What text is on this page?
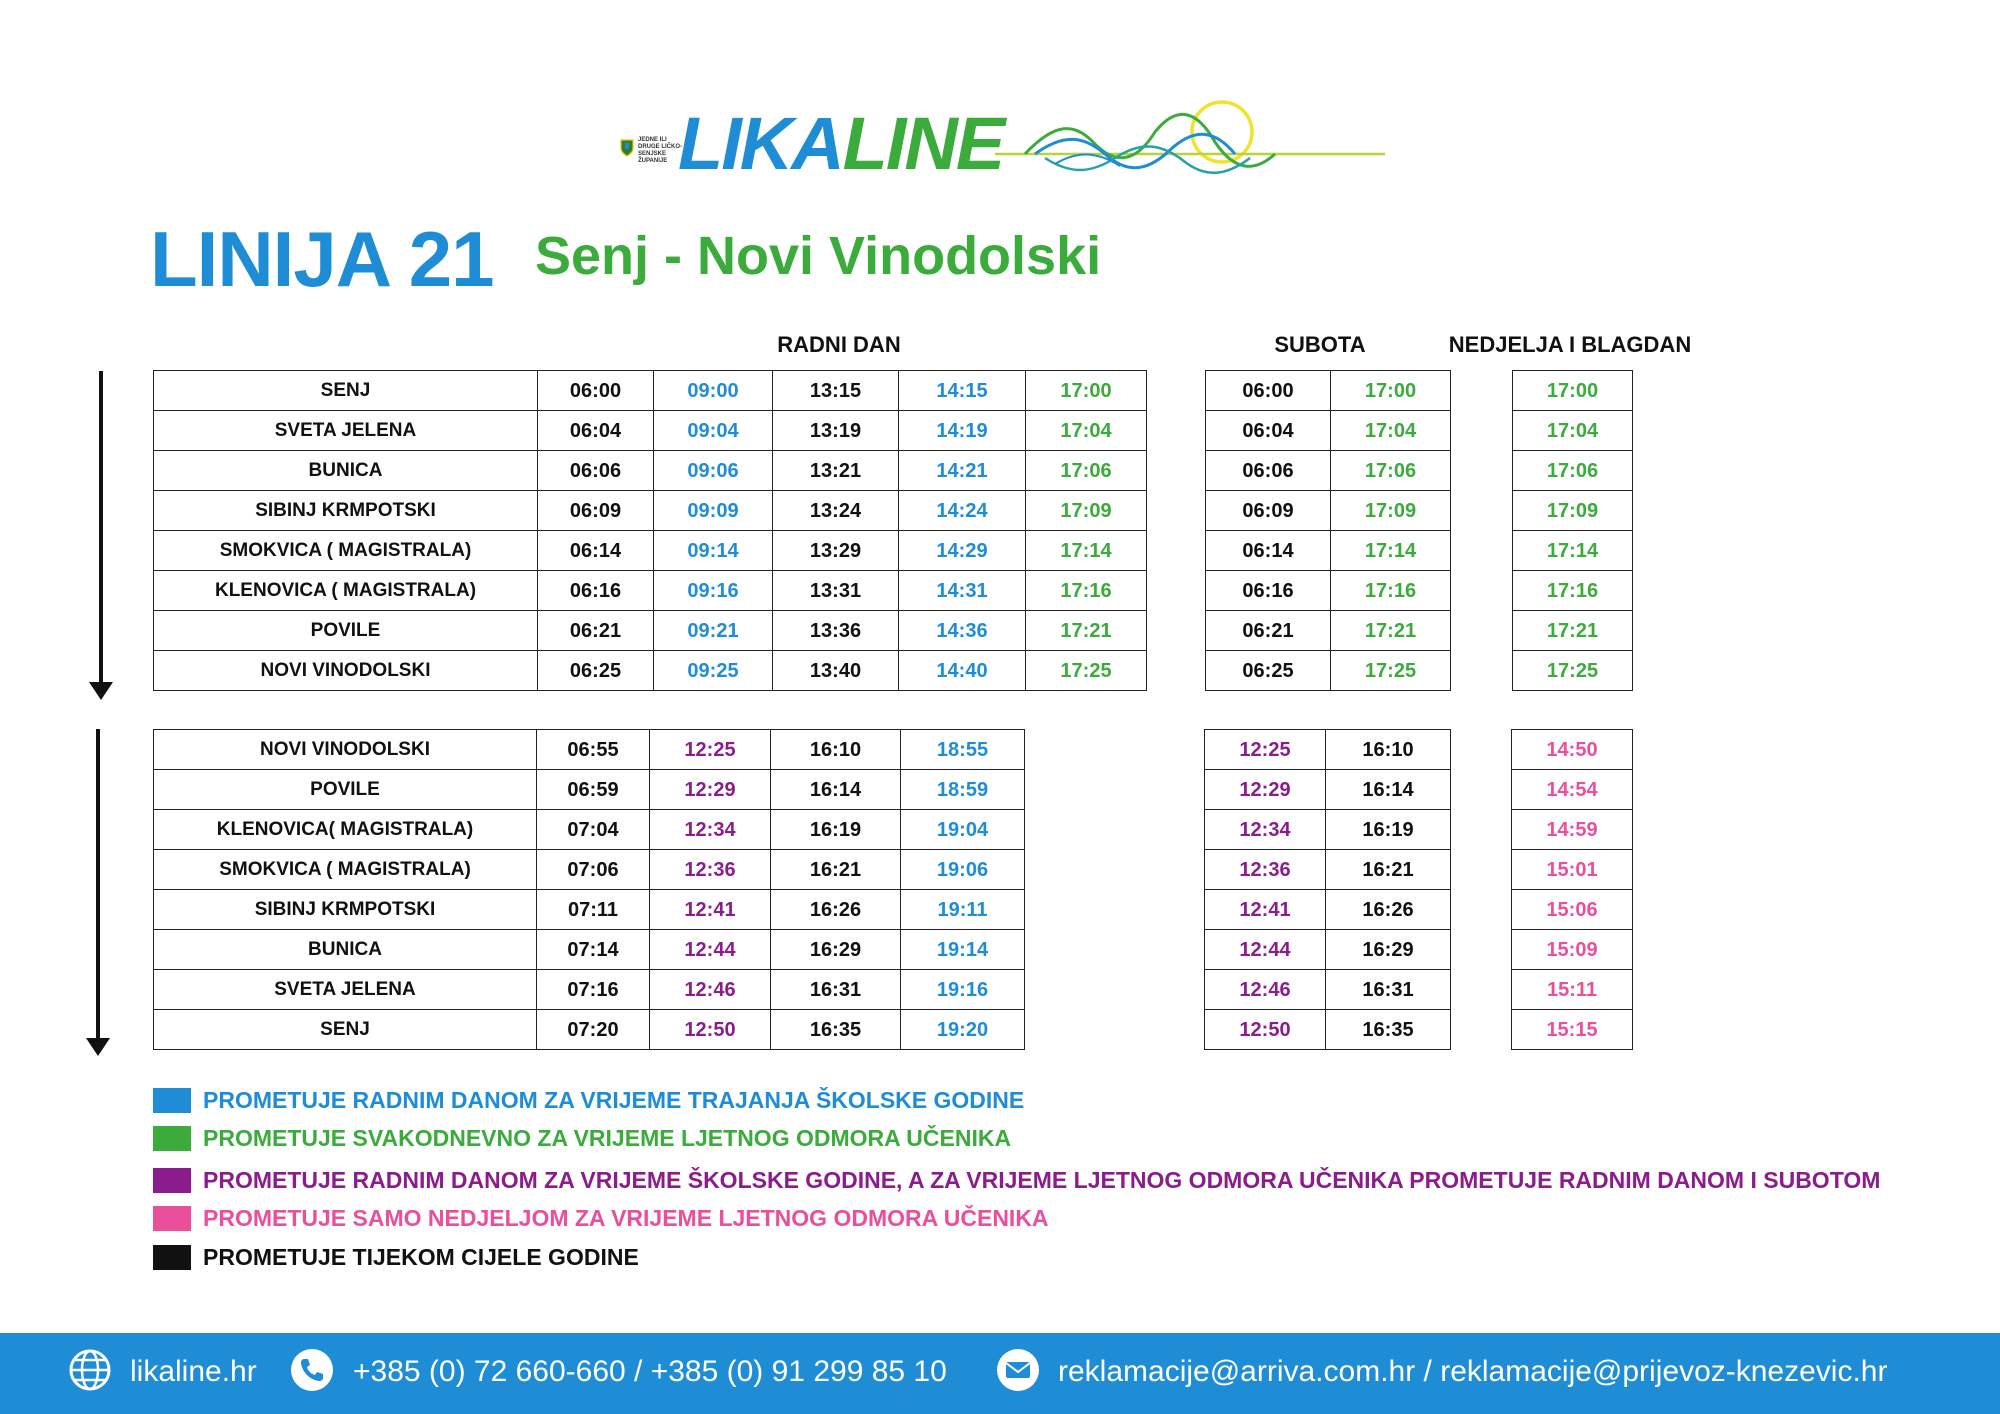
JEDNE ILI DRUGE LIČKO-SENJSKE ŽUPANIJE LIKALINE
LINIJA 21 Senj - Novi Vinodolski
RADNI DAN	SUBOTA	NEDJELJA I BLAGDAN
SENJ	06:00	09:00	13:15	14:15	17:00
SVETA JELENA	06:04	09:04	13:19	14:19	17:04
BUNICA	06:06	09:06	13:21	14:21	17:06
SIBINJ KRMPOTSKI	06:09	09:09	13:24	14:24	17:09
SMOKVICA ( MAGISTRALA)	06:14	09:14	13:29	14:29	17:14
KLENOVICA ( MAGISTRALA)	06:16	09:16	13:31	14:31	17:16
POVILE	06:21	09:21	13:36	14:36	17:21
NOVI VINODOLSKI	06:25	09:25	13:40	14:40	17:25
06:00	17:00
06:04	17:04
06:06	17:06
06:09	17:09
06:14	17:14
06:16	17:16
06:21	17:21
06:25	17:25
17:00
17:04
17:06
17:09
17:14
17:16
17:21
17:25
NOVI VINODOLSKI	06:55	12:25	16:10	18:55
POVILE	06:59	12:29	16:14	18:59
KLENOVICA( MAGISTRALA)	07:04	12:34	16:19	19:04
SMOKVICA ( MAGISTRALA)	07:06	12:36	16:21	19:06
SIBINJ KRMPOTSKI	07:11	12:41	16:26	19:11
BUNICA	07:14	12:44	16:29	19:14
SVETA JELENA	07:16	12:46	16:31	19:16
SENJ	07:20	12:50	16:35	19:20
12:25	16:10
12:29	16:14
12:34	16:19
12:36	16:21
12:41	16:26
12:44	16:29
12:46	16:31
12:50	16:35
14:50
14:54
14:59
15:01
15:06
15:09
15:11
15:15
PROMETUJE RADNIM DANOM ZA VRIJEME TRAJANJA ŠKOLSKE GODINE
PROMETUJE SVAKODNEVNO ZA VRIJEME LJETNOG ODMORA UČENIKA
PROMETUJE RADNIM DANOM ZA VRIJEME ŠKOLSKE GODINE, A ZA VRIJEME LJETNOG ODMORA UČENIKA PROMETUJE RADNIM DANOM I SUBOTOM
PROMETUJE SAMO NEDJELJOM ZA VRIJEME LJETNOG ODMORA UČENIKA
PROMETUJE TIJEKOM CIJELE GODINE
likaline.hr	+385 (0) 72 660-660 / +385 (0) 91 299 85 10	reklamacije@arriva.com.hr / reklamacije@prijevoz-knezevic.hr
